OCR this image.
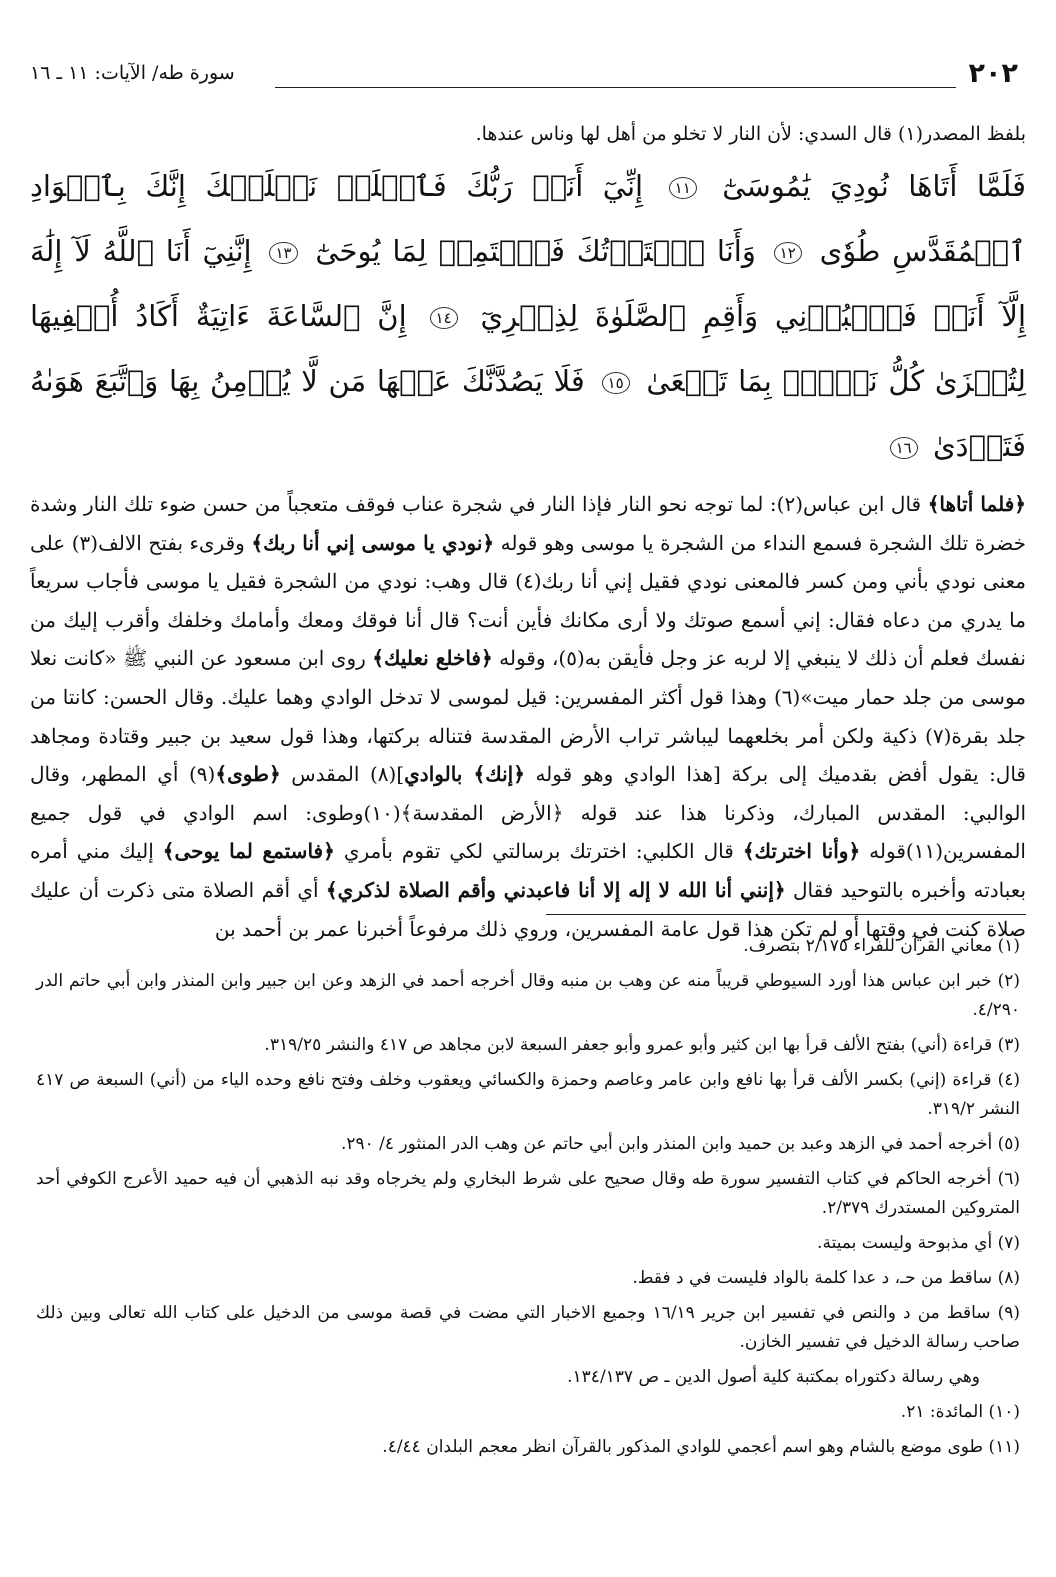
٢٠٢
سورة طه/ الآيات: ١١ ـ ١٦

بلفظ المصدر(١) قال السدي: لأن النار لا تخلو من أهل لها وناس عندها.

فَلَمَّا أَتَاهَا نُودِيَ يَٰمُوسَىٰٓ ١١ إِنِّيٓ أَنَا۠ رَبُّكَ فَٱخۡلَعۡ نَعۡلَيۡكَ إِنَّكَ بِٱلۡوَادِ ٱلۡمُقَدَّسِ طُوٗى ١٢ وَأَنَا ٱخۡتَرۡتُكَ فَٱسۡتَمِعۡ لِمَا يُوحَىٰٓ ١٣ إِنَّنِيٓ أَنَا ٱللَّهُ لَآ إِلَٰهَ إِلَّآ أَنَا۠ فَٱعۡبُدۡنِي وَأَقِمِ ٱلصَّلَوٰةَ لِذِكۡرِيٓ ١٤ إِنَّ ٱلسَّاعَةَ ءَاتِيَةٌ أَكَادُ أُخۡفِيهَا لِتُجۡزَىٰ كُلُّ نَفۡسِۭ بِمَا تَسۡعَىٰ ١٥ فَلَا يَصُدَّنَّكَ عَنۡهَا مَن لَّا يُؤۡمِنُ بِهَا وَٱتَّبَعَ هَوَىٰهُ فَتَرۡدَىٰ ١٦

﴿فلما أتاها﴾ قال ابن عباس(٢): لما توجه نحو النار فإذا النار في شجرة عناب فوقف متعجباً من حسن ضوء تلك النار وشدة خضرة تلك الشجرة فسمع النداء من الشجرة يا موسى وهو قوله ﴿نودي يا موسى إني أنا ربك﴾ وقرىء بفتح الالف(٣) على معنى نودي بأني ومن كسر فالمعنى نودي فقيل إني أنا ربك(٤) قال وهب: نودي من الشجرة فقيل يا موسى فأجاب سريعاً ما يدري من دعاه فقال: إني أسمع صوتك ولا أرى مكانك فأين أنت؟ قال أنا فوقك ومعك وأمامك وخلفك وأقرب إليك من نفسك فعلم أن ذلك لا ينبغي إلا لربه عز وجل فأيقن به(٥)، وقوله ﴿فاخلع نعليك﴾ روى ابن مسعود عن النبي ﷺ «كانت نعلا موسى من جلد حمار ميت»(٦) وهذا قول أكثر المفسرين: قيل لموسى لا تدخل الوادي وهما عليك. وقال الحسن: كانتا من جلد بقرة(٧) ذكية ولكن أمر بخلعهما ليباشر تراب الأرض المقدسة فتناله بركتها، وهذا قول سعيد بن جبير وقتادة ومجاهد قال: يقول أفض بقدميك إلى بركة [هذا الوادي وهو قوله ﴿إنك﴾ بالوادي](٨) المقدس ﴿طوى﴾(٩) أي المطهر، وقال الوالبي: المقدس المبارك، وذكرنا هذا عند قوله ﴿الأرض المقدسة﴾(١٠)وطوى: اسم الوادي في قول جميع المفسرين(١١)قوله ﴿وأنا اخترتك﴾ قال الكلبي: اخترتك برسالتي لكي تقوم بأمري ﴿فاستمع لما يوحى﴾ إليك مني أمره بعبادته وأخبره بالتوحيد فقال ﴿إنني أنا الله لا إله إلا أنا فاعبدني وأقم الصلاة لذكري﴾ أي أقم الصلاة متى ذكرت أن عليك صلاة كنت في وقتها أو لم تكن هذا قول عامة المفسرين، وروي ذلك مرفوعاً أخبرنا عمر بن أحمد بن

(١) معاني القرآن للفراء ٢/١٧٥ بتصرف.

(٢) خبر ابن عباس هذا أورد السيوطي قريباً منه عن وهب بن منبه وقال أخرجه أحمد في الزهد وعن ابن جبير وابن المنذر وابن أبي حاتم الدر ٤/٢٩٠.

(٣) قراءة (أني) بفتح الألف قرأ بها ابن كثير وأبو عمرو وأبو جعفر السبعة لابن مجاهد ص ٤١٧ والنشر ٣١٩/٢٥.

(٤) قراءة (إني) بكسر الألف قرأ بها نافع وابن عامر وعاصم وحمزة والكسائي ويعقوب وخلف وفتح نافع وحده الياء من (أني) السبعة ص ٤١٧ النشر ٣١٩/٢.

(٥) أخرجه أحمد في الزهد وعبد بن حميد وابن المنذر وابن أبي حاتم عن وهب الدر المنثور ٤/ ٢٩٠.

(٦) أخرجه الحاكم في كتاب التفسير سورة طه وقال صحيح على شرط البخاري ولم يخرجاه وقد نبه الذهبي أن فيه حميد الأعرج الكوفي أحد المتروكين المستدرك ٢/٣٧٩.

(٧) أي مذبوحة وليست بميتة.

(٨) ساقط من حـ، د عدا كلمة بالواد فليست في د فقط.

(٩) ساقط من د والنص في تفسير ابن جرير ١٦/١٩ وجميع الاخبار التي مضت في قصة موسى من الدخيل على كتاب الله تعالى وبين ذلك صاحب رسالة الدخيل في تفسير الخازن.

وهي رسالة دكتوراه بمكتبة كلية أصول الدين ـ ص ١٣٤/١٣٧.

(١٠) المائدة: ٢١.

(١١) طوى موضع بالشام وهو اسم أعجمي للوادي المذكور بالقرآن انظر معجم البلدان ٤/٤٤.
